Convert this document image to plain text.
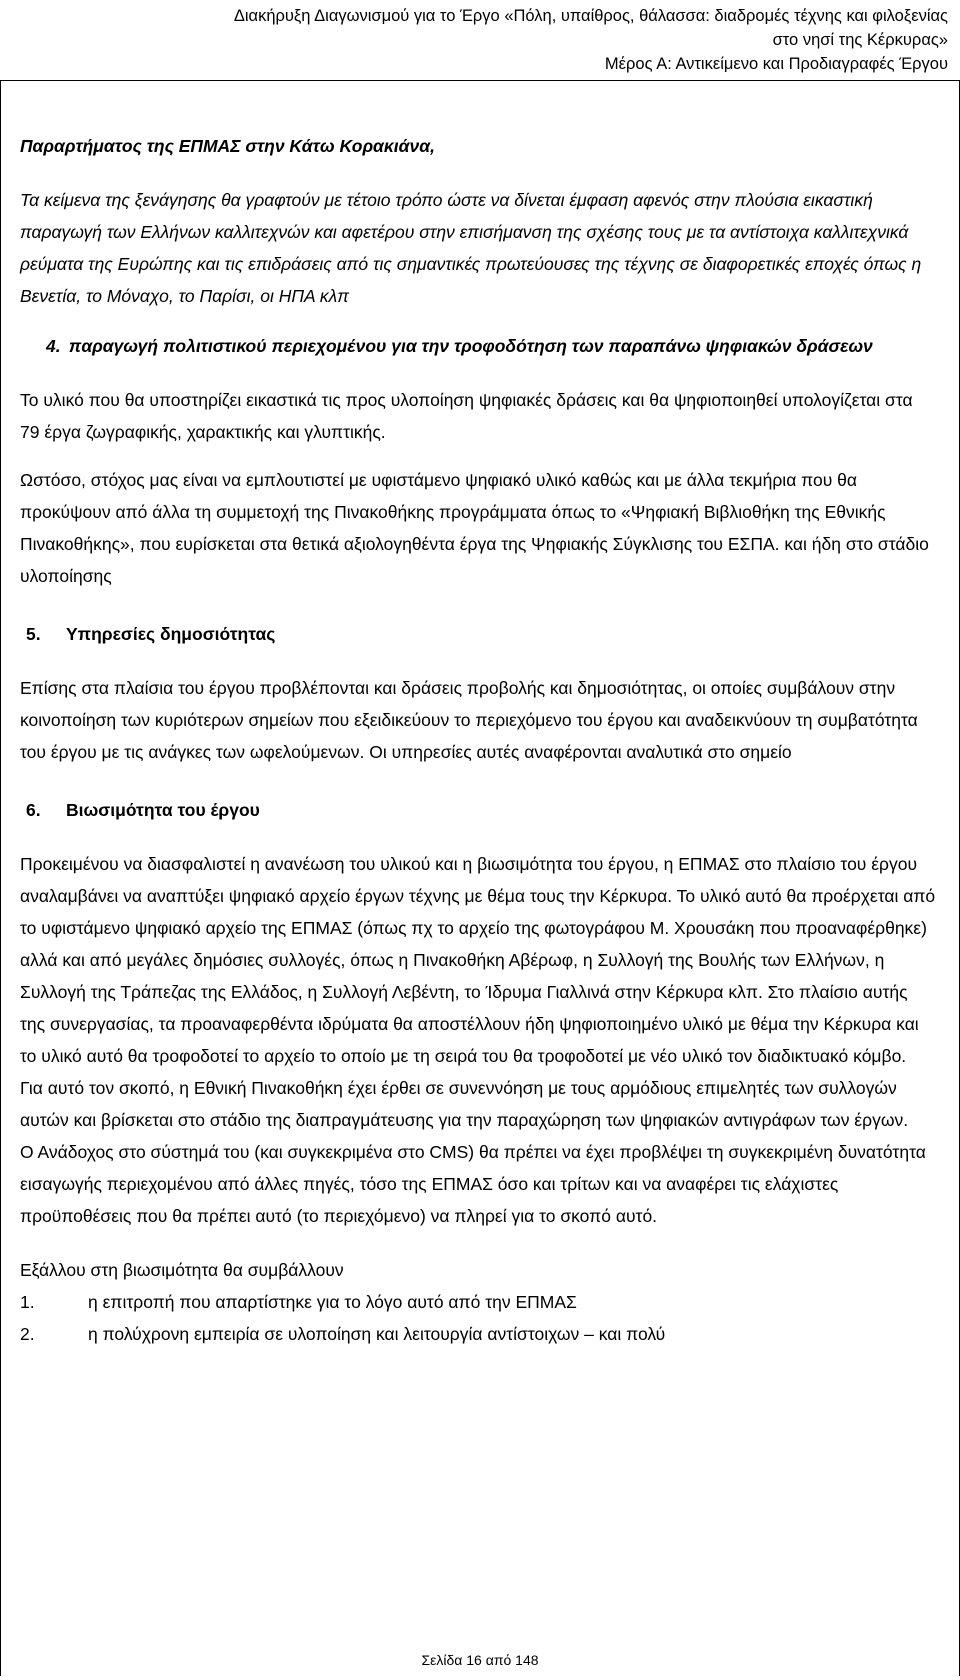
Διακήρυξη Διαγωνισμού για το Έργο «Πόλη, υπαίθρος, θάλασσα: διαδρομές τέχνης και φιλοξενίας
στο νησί της Κέρκυρας»
Μέρος Α: Αντικείμενο και Προδιαγραφές Έργου

Παραρτήματος της ΕΠΜΑΣ στην Κάτω Κορακιάνα,

Τα κείμενα της ξενάγησης θα γραφτούν με τέτοιο τρόπο ώστε να δίνεται έμφαση αφενός στην πλούσια εικαστική παραγωγή των Ελλήνων καλλιτεχνών και αφετέρου στην επισήμανση της σχέσης τους με τα αντίστοιχα καλλιτεχνικά ρεύματα της Ευρώπης και τις επιδράσεις από τις σημαντικές πρωτεύουσες της τέχνης σε διαφορετικές εποχές όπως η Βενετία, το Μόναχο, το Παρίσι, οι ΗΠΑ κλπ

4. παραγωγή πολιτιστικού περιεχομένου για την τροφοδότηση των παραπάνω ψηφιακών δράσεων

Το υλικό που θα υποστηρίζει εικαστικά τις προς υλοποίηση ψηφιακές δράσεις και θα ψηφιοποιηθεί υπολογίζεται στα 79 έργα ζωγραφικής, χαρακτικής και γλυπτικής.

Ωστόσο, στόχος μας είναι να εμπλουτιστεί με υφιστάμενο ψηφιακό υλικό καθώς και με άλλα τεκμήρια που θα προκύψουν από άλλα τη συμμετοχή της Πινακοθήκης προγράμματα όπως το «Ψηφιακή Βιβλιοθήκη της Εθνικής Πινακοθήκης», που ευρίσκεται στα θετικά αξιολογηθέντα έργα της Ψηφιακής Σύγκλισης του ΕΣΠΑ. και ήδη στο στάδιο υλοποίησης

5. Υπηρεσίες δημοσιότητας

Επίσης στα πλαίσια του έργου προβλέπονται και δράσεις προβολής και δημοσιότητας, οι οποίες συμβάλουν στην κοινοποίηση των κυριότερων σημείων που εξειδικεύουν το περιεχόμενο του έργου και αναδεικνύουν τη συμβατότητα του έργου με τις ανάγκες των ωφελούμενων. Οι υπηρεσίες αυτές αναφέρονται αναλυτικά στο σημείο

6. Βιωσιμότητα του έργου

Προκειμένου να διασφαλιστεί η ανανέωση του υλικού και η βιωσιμότητα του έργου, η ΕΠΜΑΣ στο πλαίσιο του έργου αναλαμβάνει να αναπτύξει ψηφιακό αρχείο έργων τέχνης με θέμα τους την Κέρκυρα. Το υλικό αυτό θα προέρχεται από το υφιστάμενο ψηφιακό αρχείο της ΕΠΜΑΣ (όπως πχ το αρχείο της φωτογράφου Μ. Χρουσάκη που προαναφέρθηκε) αλλά και από μεγάλες δημόσιες συλλογές, όπως η Πινακοθήκη Αβέρωφ, η Συλλογή της Βουλής των Ελλήνων, η Συλλογή της Τράπεζας της Ελλάδος, η Συλλογή Λεβέντη, το Ίδρυμα Γιαλλινά στην Κέρκυρα κλπ. Στο πλαίσιο αυτής της συνεργασίας, τα προαναφερθέντα ιδρύματα θα αποστέλλουν ήδη ψηφιοποιημένο υλικό με θέμα την Κέρκυρα και το υλικό αυτό θα τροφοδοτεί το αρχείο το οποίο με τη σειρά του θα τροφοδοτεί με νέο υλικό τον διαδικτυακό κόμβο.

Για αυτό τον σκοπό, η Εθνική Πινακοθήκη έχει έρθει σε συνεννόηση με τους αρμόδιους επιμελητές των συλλογών αυτών και βρίσκεται στο στάδιο της διαπραγμάτευσης για την παραχώρηση των ψηφιακών αντιγράφων των έργων.

Ο Ανάδοχος στο σύστημά του (και συγκεκριμένα στο CMS) θα πρέπει να έχει προβλέψει τη συγκεκριμένη δυνατότητα εισαγωγής περιεχομένου από άλλες πηγές, τόσο της ΕΠΜΑΣ όσο και τρίτων και να αναφέρει τις ελάχιστες προϋποθέσεις που θα πρέπει αυτό (το περιεχόμενο) να πληρεί για το σκοπό αυτό.

Εξάλλου στη βιωσιμότητα θα συμβάλλουν

1.	η επιτροπή που απαρτίστηκε για το λόγο αυτό από την ΕΠΜΑΣ
2.	η πολύχρονη εμπειρία σε υλοποίηση και λειτουργία αντίστοιχων – και πολύ
Σελίδα 16 από 148
